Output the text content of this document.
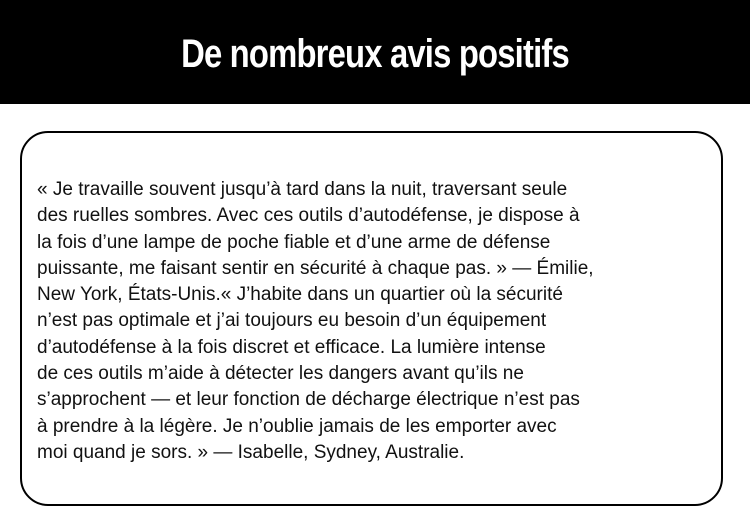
De nombreux avis positifs

« Je travaille souvent jusqu’à tard dans la nuit, traversant seule
des ruelles sombres. Avec ces outils d’autodéfense, je dispose à
la fois d’une lampe de poche fiable et d’une arme de défense
puissante, me faisant sentir en sécurité à chaque pas. » — Émilie,
New York, États-Unis.« J’habite dans un quartier où la sécurité
n’est pas optimale et j’ai toujours eu besoin d’un équipement
d’autodéfense à la fois discret et efficace. La lumière intense
de ces outils m’aide à détecter les dangers avant qu’ils ne
s’approchent — et leur fonction de décharge électrique n’est pas
à prendre à la légère. Je n’oublie jamais de les emporter avec
moi quand je sors. » — Isabelle, Sydney, Australie.
